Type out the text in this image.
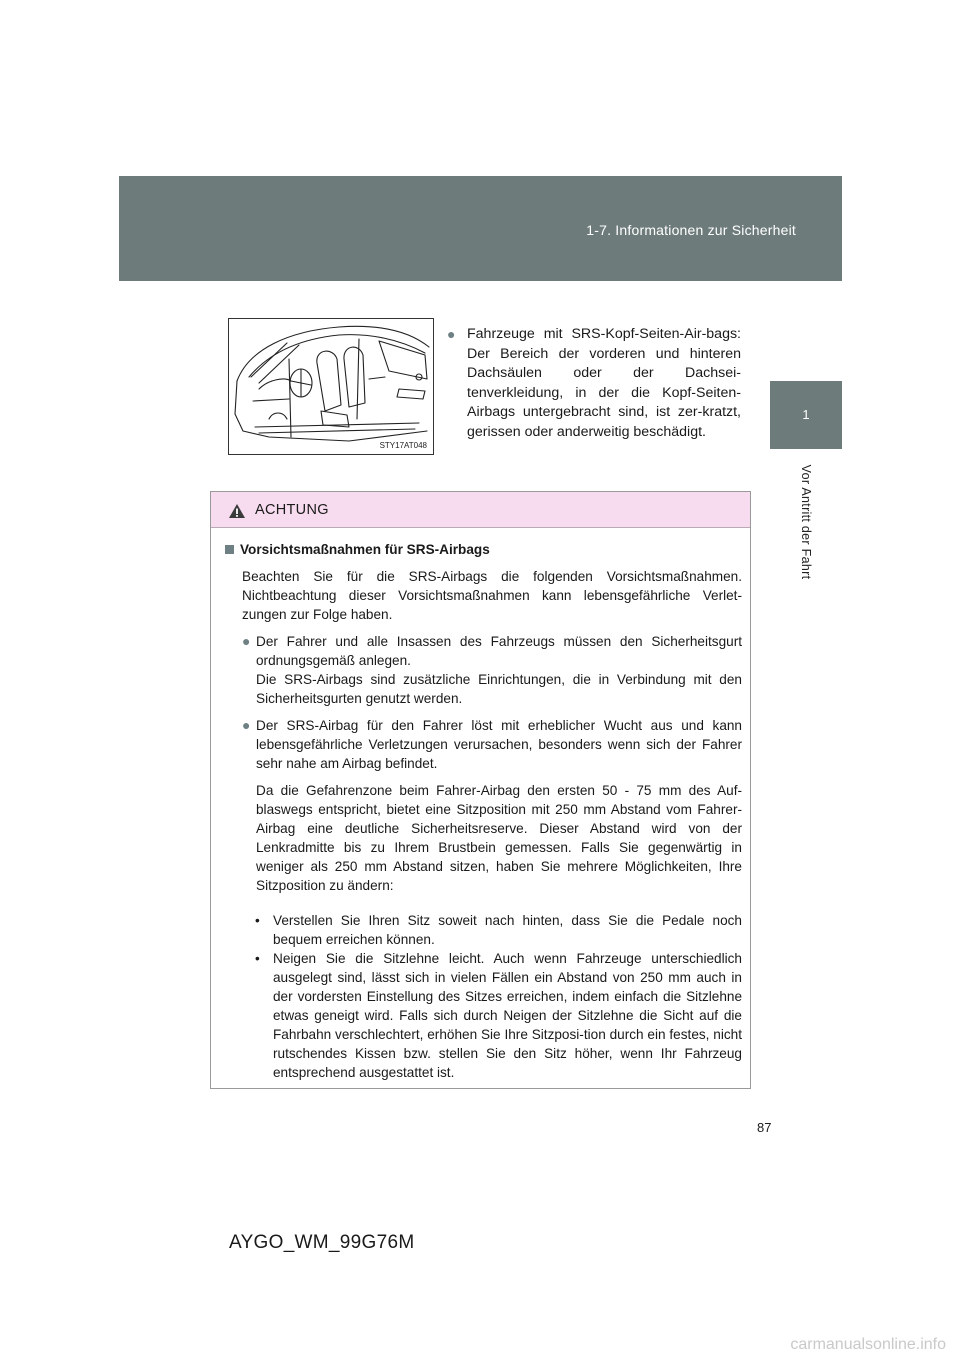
1-7. Informationen zur Sicherheit
1
Vor Antritt der Fahrt
STY17AT048
● Fahrzeuge mit SRS-Kopf-Seiten-Air-bags: Der Bereich der vorderen und hinteren Dachsäulen oder der Dachsei-tenverkleidung, in der die Kopf-Seiten-Airbags untergebracht sind, ist zer-kratzt, gerissen oder anderweitig beschädigt.
ACHTUNG
Vorsichtsmaßnahmen für SRS-Airbags
Beachten Sie für die SRS-Airbags die folgenden Vorsichtsmaßnahmen. Nichtbeachtung dieser Vorsichtsmaßnahmen kann lebensgefährliche Verlet-zungen zur Folge haben.
● Der Fahrer und alle Insassen des Fahrzeugs müssen den Sicherheitsgurt ordnungsgemäß anlegen.
Die SRS-Airbags sind zusätzliche Einrichtungen, die in Verbindung mit den Sicherheitsgurten genutzt werden.
● Der SRS-Airbag für den Fahrer löst mit erheblicher Wucht aus und kann lebensgefährliche Verletzungen verursachen, besonders wenn sich der Fahrer sehr nahe am Airbag befindet.
Da die Gefahrenzone beim Fahrer-Airbag den ersten 50 - 75 mm des Auf-blaswegs entspricht, bietet eine Sitzposition mit 250 mm Abstand vom Fahrer-Airbag eine deutliche Sicherheitsreserve. Dieser Abstand wird von der Lenkradmitte bis zu Ihrem Brustbein gemessen. Falls Sie gegenwärtig in weniger als 250 mm Abstand sitzen, haben Sie mehrere Möglichkeiten, Ihre Sitzposition zu ändern:
• Verstellen Sie Ihren Sitz soweit nach hinten, dass Sie die Pedale noch bequem erreichen können.
• Neigen Sie die Sitzlehne leicht. Auch wenn Fahrzeuge unterschiedlich ausgelegt sind, lässt sich in vielen Fällen ein Abstand von 250 mm auch in der vordersten Einstellung des Sitzes erreichen, indem einfach die Sitzlehne etwas geneigt wird. Falls sich durch Neigen der Sitzlehne die Sicht auf die Fahrbahn verschlechtert, erhöhen Sie Ihre Sitzposi-tion durch ein festes, nicht rutschendes Kissen bzw. stellen Sie den Sitz höher, wenn Ihr Fahrzeug entsprechend ausgestattet ist.
87
AYGO_WM_99G76M
carmanualsonline.info
